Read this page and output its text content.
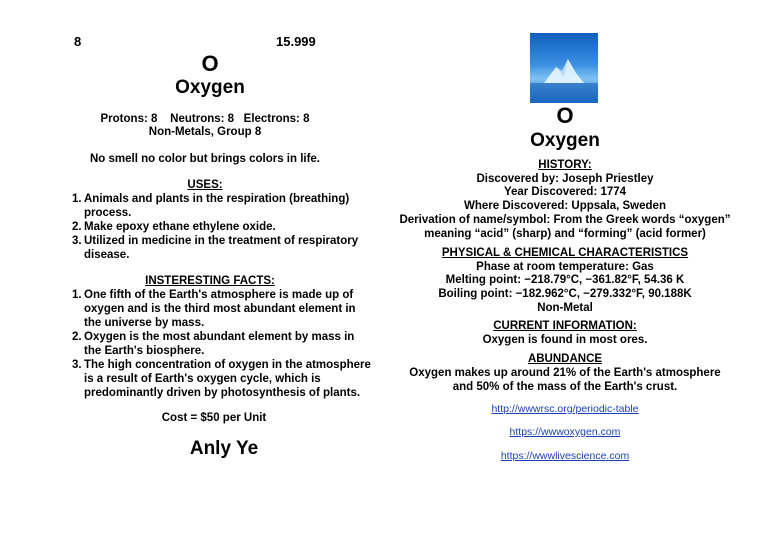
8	15.999
O
Oxygen
Protons: 8    Neutrons: 8   Electrons: 8
Non-Metals, Group 8
No smell no color but brings colors in life.
USES:
1. Animals and plants in the respiration (breathing) process.
2. Make epoxy ethane ethylene oxide.
3. Utilized in medicine in the treatment of respiratory disease.
INSTERESTING FACTS:
1. One fifth of the Earth's atmosphere is made up of oxygen and is the third most abundant element in the universe by mass.
2. Oxygen is the most abundant element by mass in the Earth's biosphere.
3. The high concentration of oxygen in the atmosphere is a result of Earth's oxygen cycle, which is predominantly driven by photosynthesis of plants.
Cost = $50 per Unit
Anly Ye
O
Oxygen
HISTORY:
Discovered by: Joseph Priestley
Year Discovered: 1774
Where Discovered: Uppsala, Sweden
Derivation of name/symbol: From the Greek words “oxygen”
meaning “acid” (sharp) and “forming” (acid former)
PHYSICAL & CHEMICAL CHARACTERISTICS
Phase at room temperature: Gas
Melting point: −218.79°C, −361.82°F, 54.36 K
Boiling point: −182.962°C, −279.332°F, 90.188K
Non-Metal
CURRENT INFORMATION:
Oxygen is found in most ores.
ABUNDANCE
Oxygen makes up around 21% of the Earth's atmosphere
and 50% of the mass of the Earth's crust.
http://wwwrsc.org/periodic-table
https://wwwoxygen.com
https://wwwlivescience.com
